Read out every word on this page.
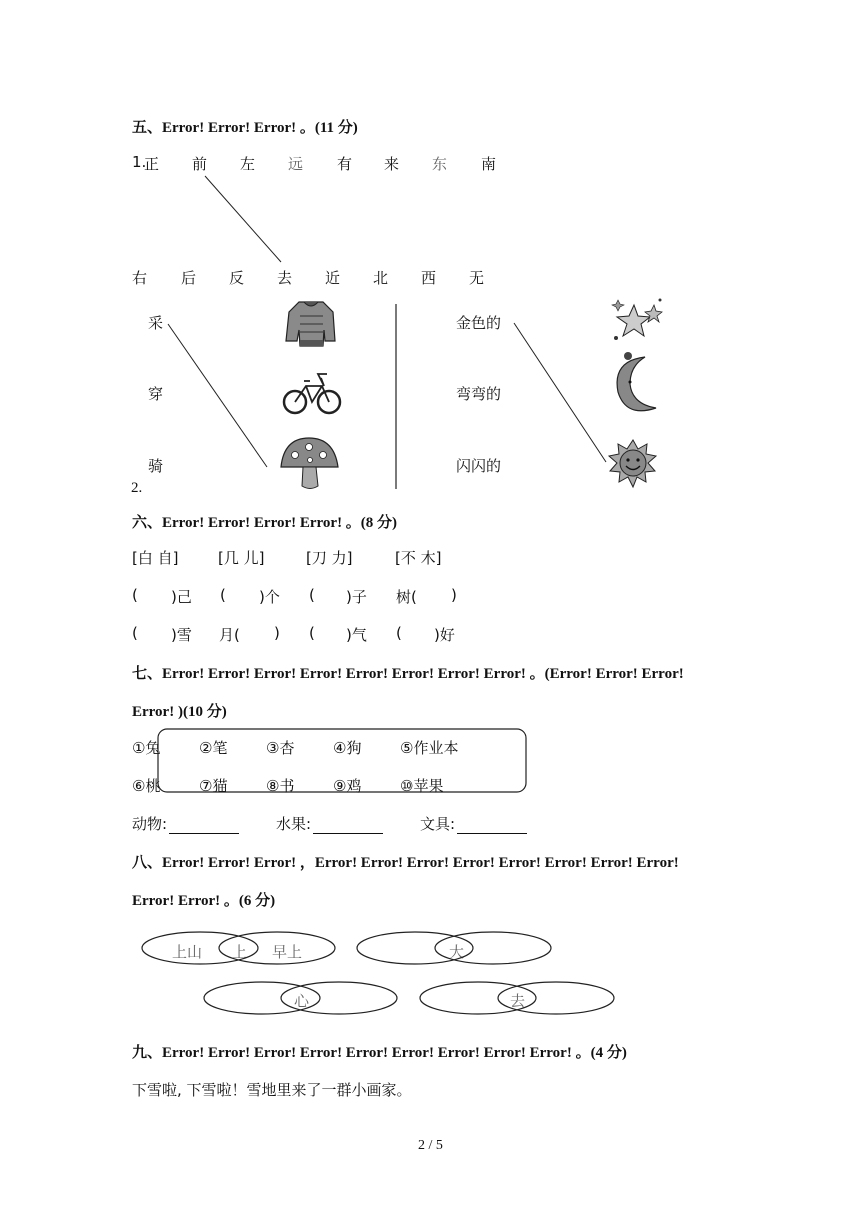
五、Error! Error! Error! 。(11 分)
1.
正 前 左 远 有 来 东 南
右 后 反 去 近 北 西 无
采
穿
骑
金色的
弯弯的
闪闪的
2.
六、Error! Error! Error! Error! 。(8 分)
[白 自]	[几 儿]	[刀 力]	[不 木]
( )己 ( )个 ( )子 树( )
( )雪 月( ) ( )气 ( )好
七、Error! Error! Error! Error! Error! Error! Error! Error! 。(Error! Error! Error!
Error! )(10 分)
①兔	②笔	③杏	④狗	⑤作业本
⑥桃	⑦猫	⑧书	⑨鸡	⑩苹果
动物:	水果:	文具:
八、Error! Error! Error! ，Error! Error! Error! Error! Error! Error! Error! Error!
Error! Error! 。(6 分)
上山 上 早上	大
心	去
九、Error! Error! Error! Error! Error! Error! Error! Error! Error! 。(4 分)
下雪啦, 下雪啦！雪地里来了一群小画家。
2 / 5
